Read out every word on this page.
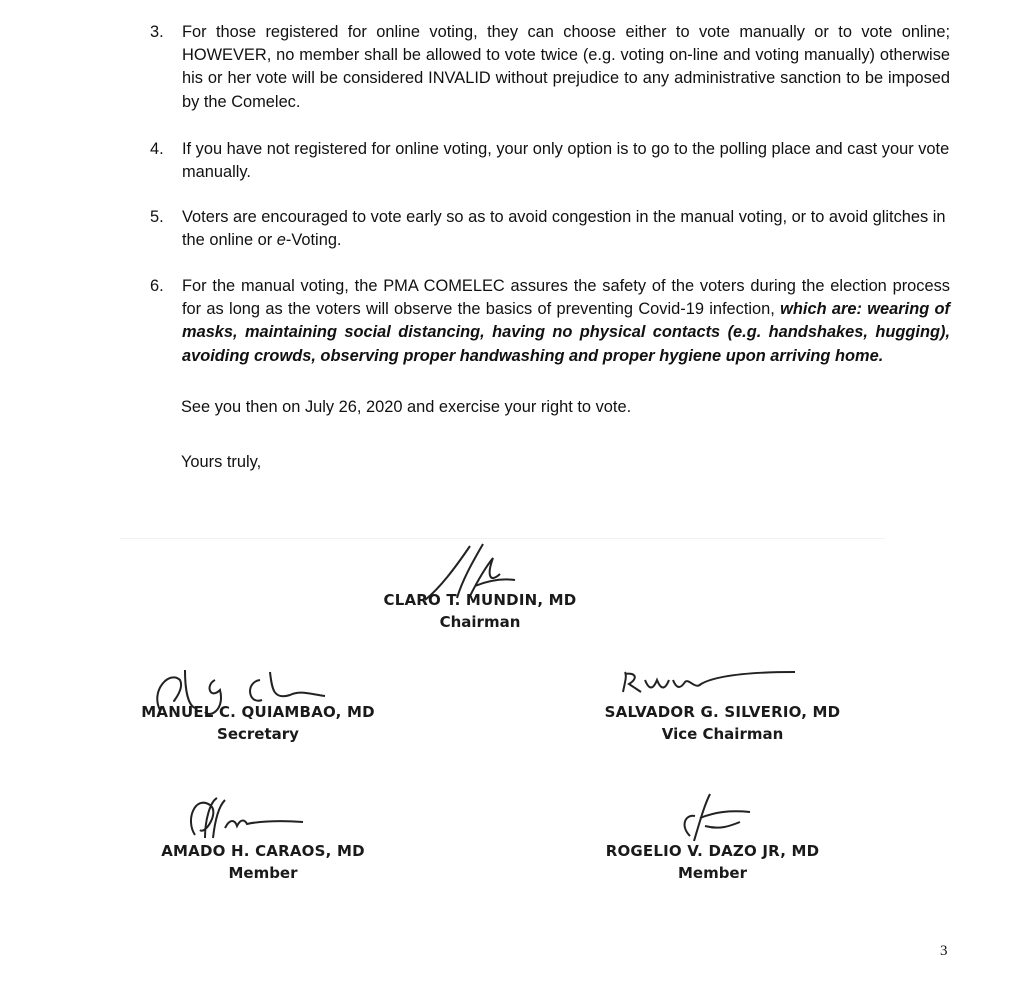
3. For those registered for online voting, they can choose either to vote manually or to vote online; HOWEVER, no member shall be allowed to vote twice (e.g. voting on-line and voting manually) otherwise his or her vote will be considered INVALID without prejudice to any administrative sanction to be imposed by the Comelec.
4. If you have not registered for online voting, your only option is to go to the polling place and cast your vote manually.
5. Voters are encouraged to vote early so as to avoid congestion in the manual voting, or to avoid glitches in the online or e-Voting.
6. For the manual voting, the PMA COMELEC assures the safety of the voters during the election process for as long as the voters will observe the basics of preventing Covid-19 infection, which are: wearing of masks, maintaining social distancing, having no physical contacts (e.g. handshakes, hugging), avoiding crowds, observing proper handwashing and proper hygiene upon arriving home.
See you then on July 26, 2020 and exercise your right to vote.
Yours truly,
CLARO T. MUNDIN, MD
Chairman
MANUEL C. QUIAMBAO, MD
Secretary
SALVADOR G. SILVERIO, MD
Vice Chairman
AMADO H. CARAOS, MD
Member
ROGELIO V. DAZO JR, MD
Member
3
